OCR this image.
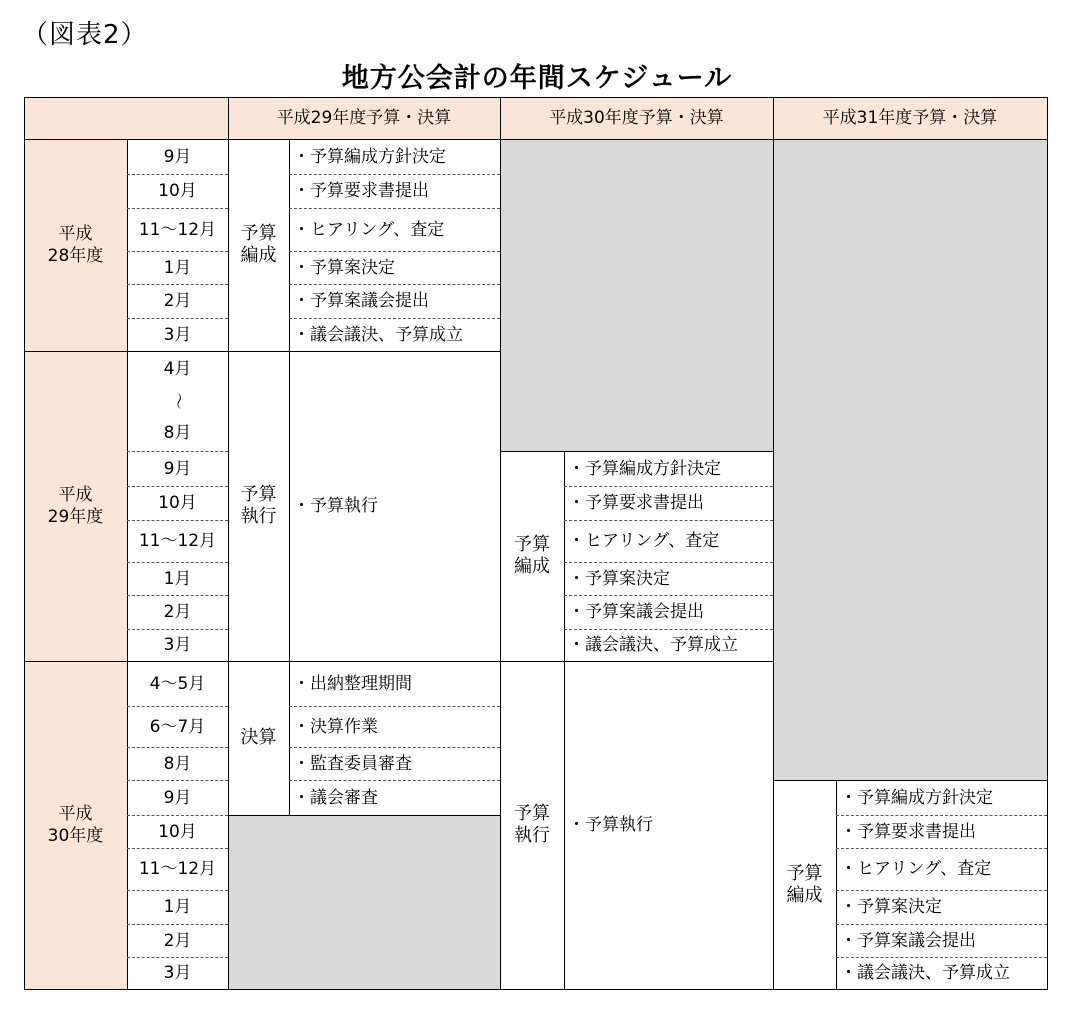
（図表2）
地方公会計の年間スケジュール
平成29年度予算・決算	平成30年度予算・決算	平成31年度予算・決算
平成
28年度
平成
29年度
平成
30年度
9月
10月
11～12月
1月
2月
3月
4月
～
8月
9月
10月
11～12月
1月
2月
3月
4～5月
6～7月
8月
9月
10月
11～12月
1月
2月
3月
予算
編成
・予算編成方針決定
・予算要求書提出
・ヒアリング、査定
・予算案決定
・予算案議会提出
・議会議決、予算成立
予算
執行 ・予算執行
決算
・出納整理期間
・決算作業
・監査委員審査
・議会審査
予算
編成
・予算編成方針決定
・予算要求書提出
・ヒアリング、査定
・予算案決定
・予算案議会提出
・議会議決、予算成立
予算
執行 ・予算執行
予算
編成
・予算編成方針決定
・予算要求書提出
・ヒアリング、査定
・予算案決定
・予算案議会提出
・議会議決、予算成立
